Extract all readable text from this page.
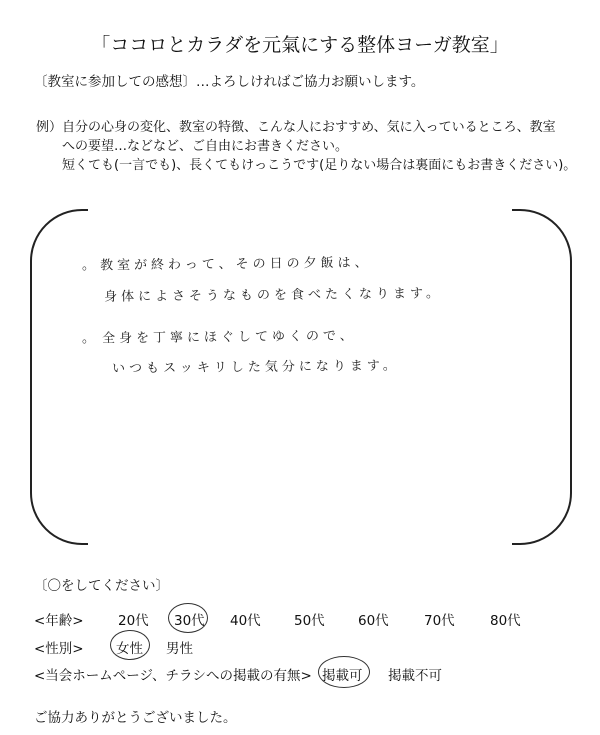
「ココロとカラダを元氣にする整体ヨーガ教室」
〔教室に参加しての感想〕…よろしければご協力お願いします。
例）自分の心身の変化、教室の特徴、こんな人におすすめ、気に入っているところ、教室
への要望…などなど、ご自由にお書きください。
短くても(一言でも)、長くてもけっこうです(足りない場合は裏面にもお書きください)。
。 教室が終わって、その日の夕飯は、
身体によさそうなものを食べたくなります。
。 全身を丁寧にほぐしてゆくので、
いつもスッキリした気分になります。
〔〇をしてください〕
<年齢>	20代 30代 40代 50代 60代	70代	80代
<性別> 女性 男性
<当会ホームページ、チラシへの掲載の有無> 掲載可 掲載不可
ご協力ありがとうございました。
